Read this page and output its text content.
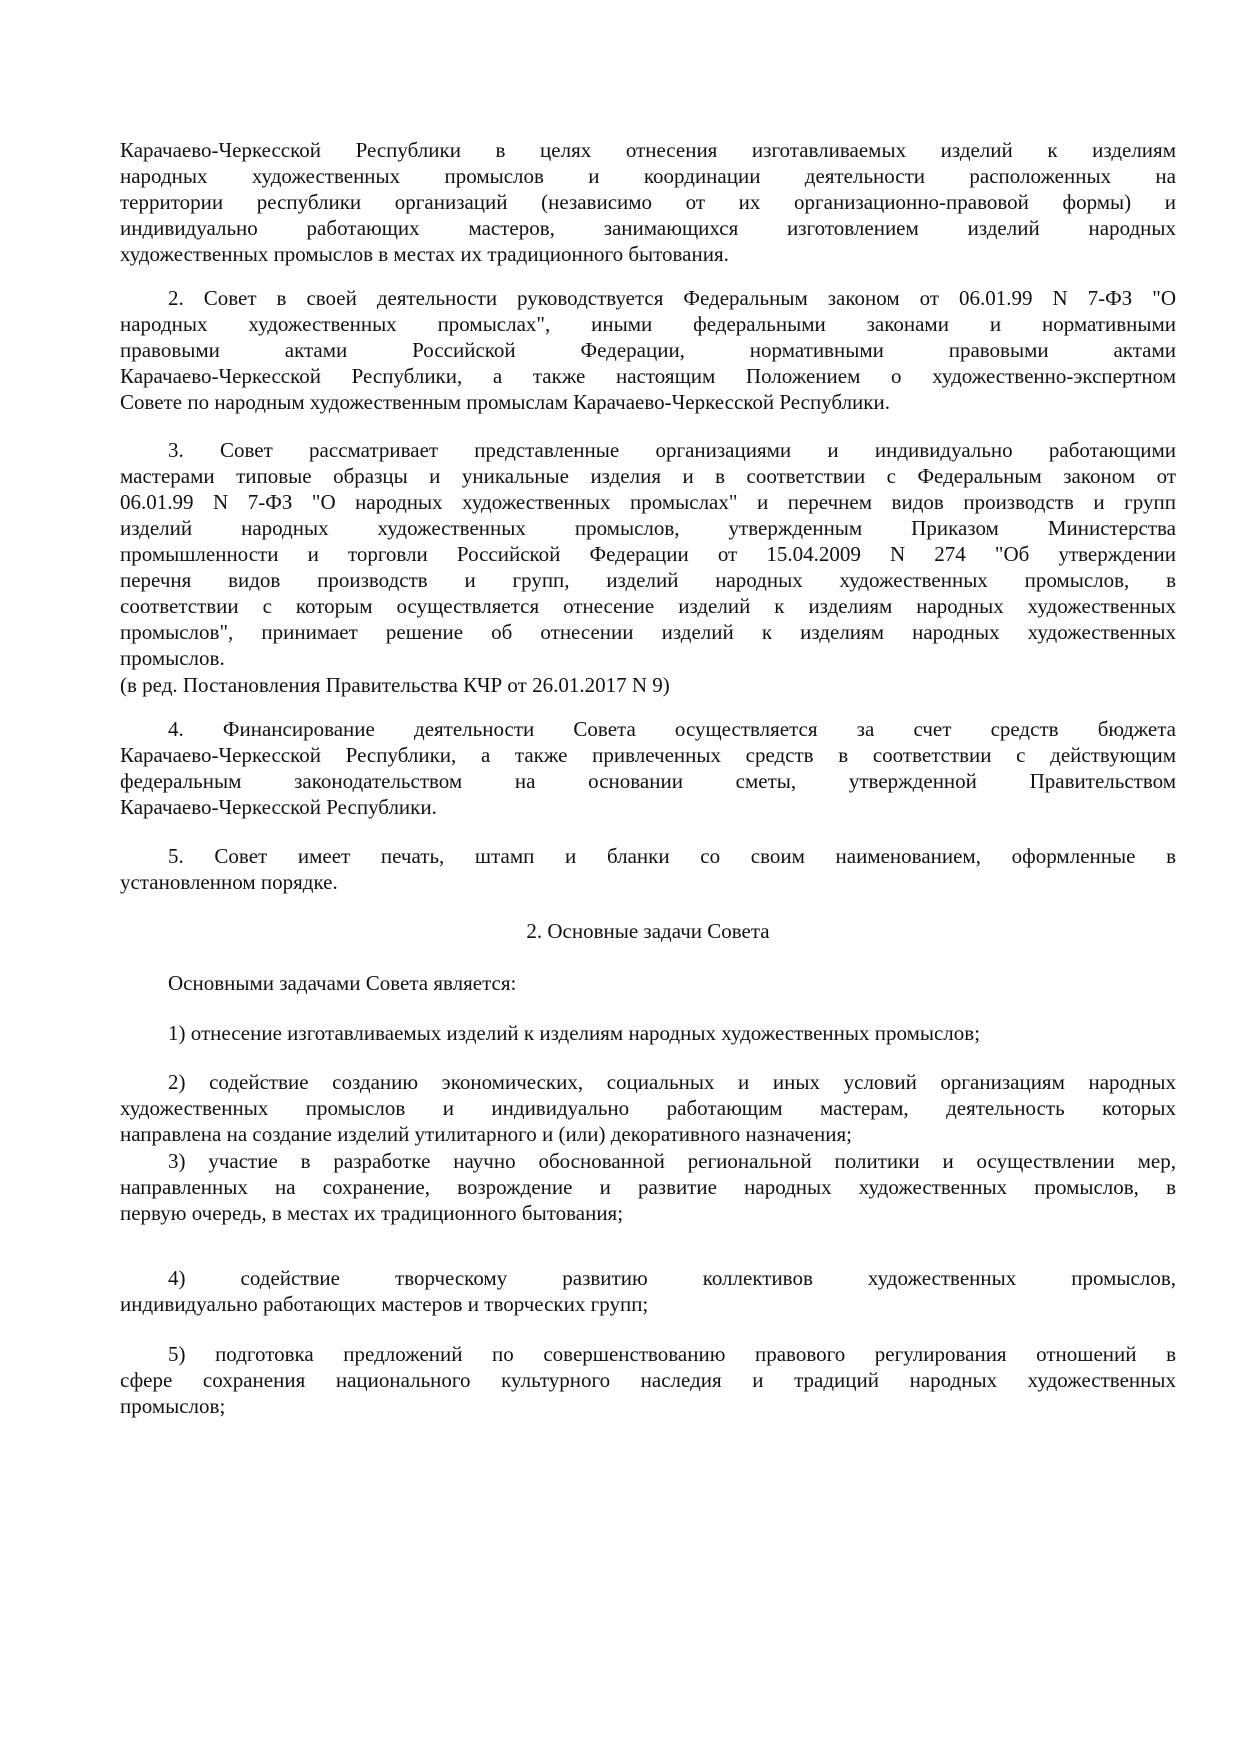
Карачаево-Черкесской Республики в целях отнесения изготавливаемых изделий к изделиям
народных художественных промыслов и координации деятельности расположенных на
территории республики организаций (независимо от их организационно-правовой формы) и
индивидуально работающих мастеров, занимающихся изготовлением изделий народных
художественных промыслов в местах их традиционного бытования.
2. Совет в своей деятельности руководствуется Федеральным законом от 06.01.99 N 7-ФЗ "О
народных художественных промыслах", иными федеральными законами и нормативными
правовыми актами Российской Федерации, нормативными правовыми актами
Карачаево-Черкесской Республики, а также настоящим Положением о художественно-экспертном
Совете по народным художественным промыслам Карачаево-Черкесской Республики.
3. Совет рассматривает представленные организациями и индивидуально работающими
мастерами типовые образцы и уникальные изделия и в соответствии с Федеральным законом от
06.01.99 N 7-ФЗ "О народных художественных промыслах" и перечнем видов производств и групп
изделий народных художественных промыслов, утвержденным Приказом Министерства
промышленности и торговли Российской Федерации от 15.04.2009 N 274 "Об утверждении
перечня видов производств и групп, изделий народных художественных промыслов, в
соответствии с которым осуществляется отнесение изделий к изделиям народных художественных
промыслов", принимает решение об отнесении изделий к изделиям народных художественных
промыслов.
(в ред. Постановления Правительства КЧР от 26.01.2017 N 9)
4. Финансирование деятельности Совета осуществляется за счет средств бюджета
Карачаево-Черкесской Республики, а также привлеченных средств в соответствии с действующим
федеральным законодательством на основании сметы, утвержденной Правительством
Карачаево-Черкесской Республики.
5. Совет имеет печать, штамп и бланки со своим наименованием, оформленные в
установленном порядке.
2. Основные задачи Совета
Основными задачами Совета является:
1) отнесение изготавливаемых изделий к изделиям народных художественных промыслов;
2) содействие созданию экономических, социальных и иных условий организациям народных
художественных промыслов и индивидуально работающим мастерам, деятельность которых
направлена на создание изделий утилитарного и (или) декоративного назначения;
3) участие в разработке научно обоснованной региональной политики и осуществлении мер,
направленных на сохранение, возрождение и развитие народных художественных промыслов, в
первую очередь, в местах их традиционного бытования;
4) содействие творческому развитию коллективов художественных промыслов,
индивидуально работающих мастеров и творческих групп;
5) подготовка предложений по совершенствованию правового регулирования отношений в
сфере сохранения национального культурного наследия и традиций народных художественных
промыслов;
